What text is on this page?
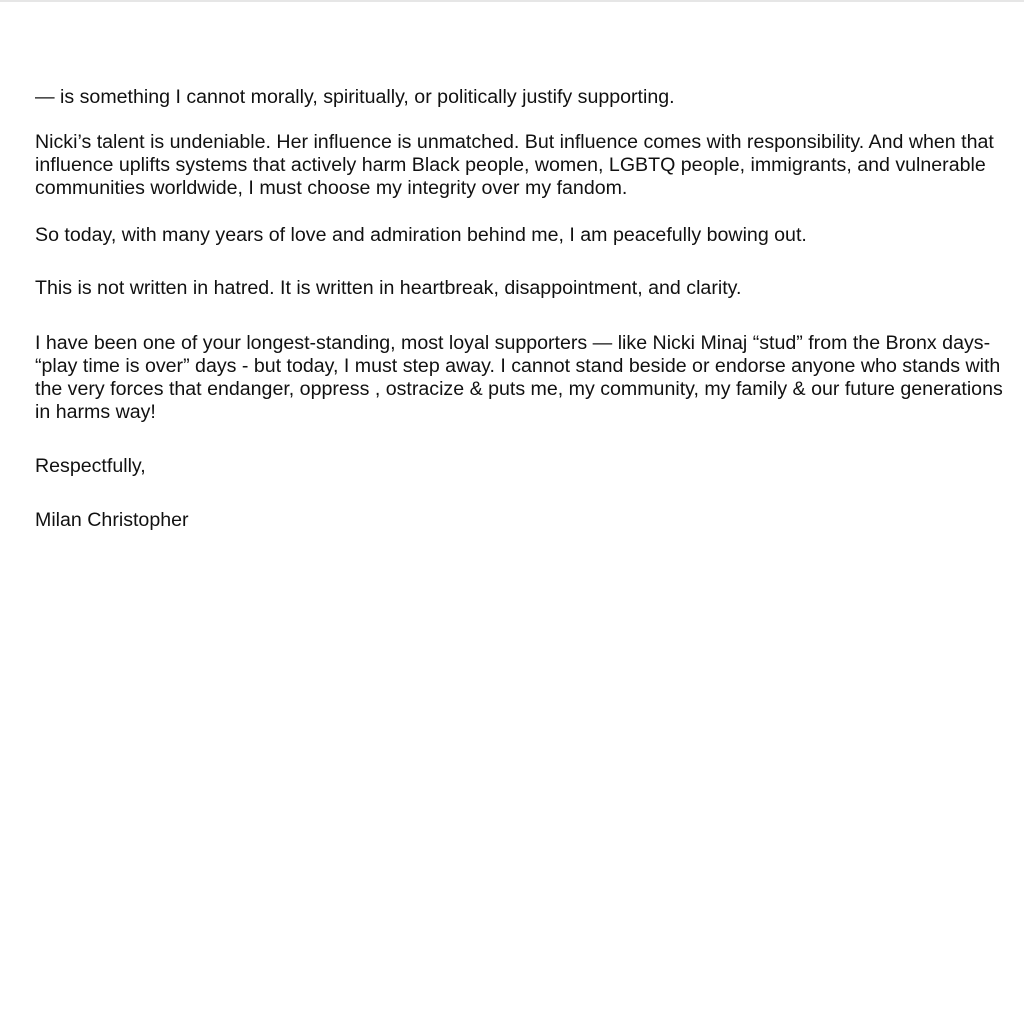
— is something I cannot morally, spiritually, or politically justify supporting.

Nicki’s talent is undeniable. Her influence is unmatched. But influence comes with responsibility. And when that influence uplifts systems that actively harm Black people, women, LGBTQ people, immigrants, and vulnerable communities worldwide, I must choose my integrity over my fandom.

So today, with many years of love and admiration behind me, I am peacefully bowing out.

This is not written in hatred. It is written in heartbreak, disappointment, and clarity.

I have been one of your longest-standing, most loyal supporters — like Nicki Minaj “stud” from the Bronx days- “play time is over” days - but today, I must step away. I cannot stand beside or endorse anyone who stands with the very forces that endanger, oppress , ostracize & puts me, my community, my family & our future generations in harms way!

Respectfully,

Milan Christopher
